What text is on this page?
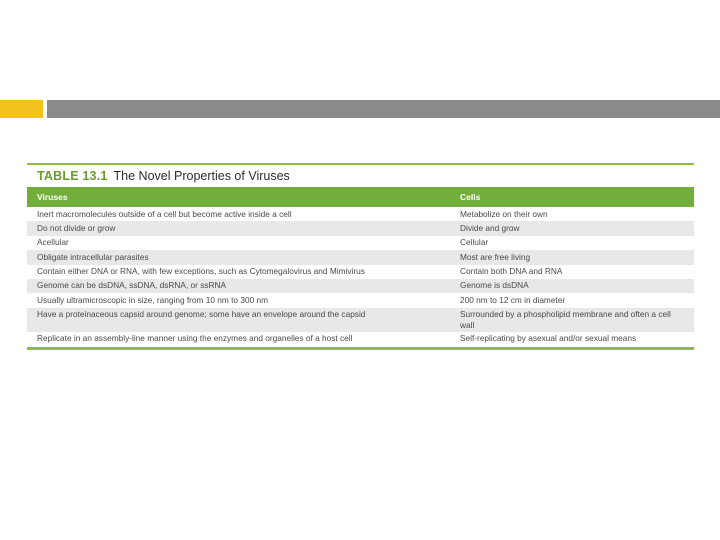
TABLE 13.1 The Novel Properties of Viruses
Viruses	Cells
Inert macromolecules outside of a cell but become active inside a cell	Metabolize on their own
Do not divide or grow	Divide and grow
Acellular	Cellular
Obligate intracellular parasites	Most are free living
Contain either DNA or RNA, with few exceptions, such as Cytomegalovirus and Mimivirus	Contain both DNA and RNA
Genome can be dsDNA, ssDNA, dsRNA, or ssRNA	Genome is dsDNA
Usually ultramicroscopic in size, ranging from 10 nm to 300 nm	200 nm to 12 cm in diameter
Have a proteinaceous capsid around genome; some have an envelope around the capsid	Surrounded by a phospholipid membrane and often a cell wall
Replicate in an assembly-line manner using the enzymes and organelles of a host cell	Self-replicating by asexual and/or sexual means
